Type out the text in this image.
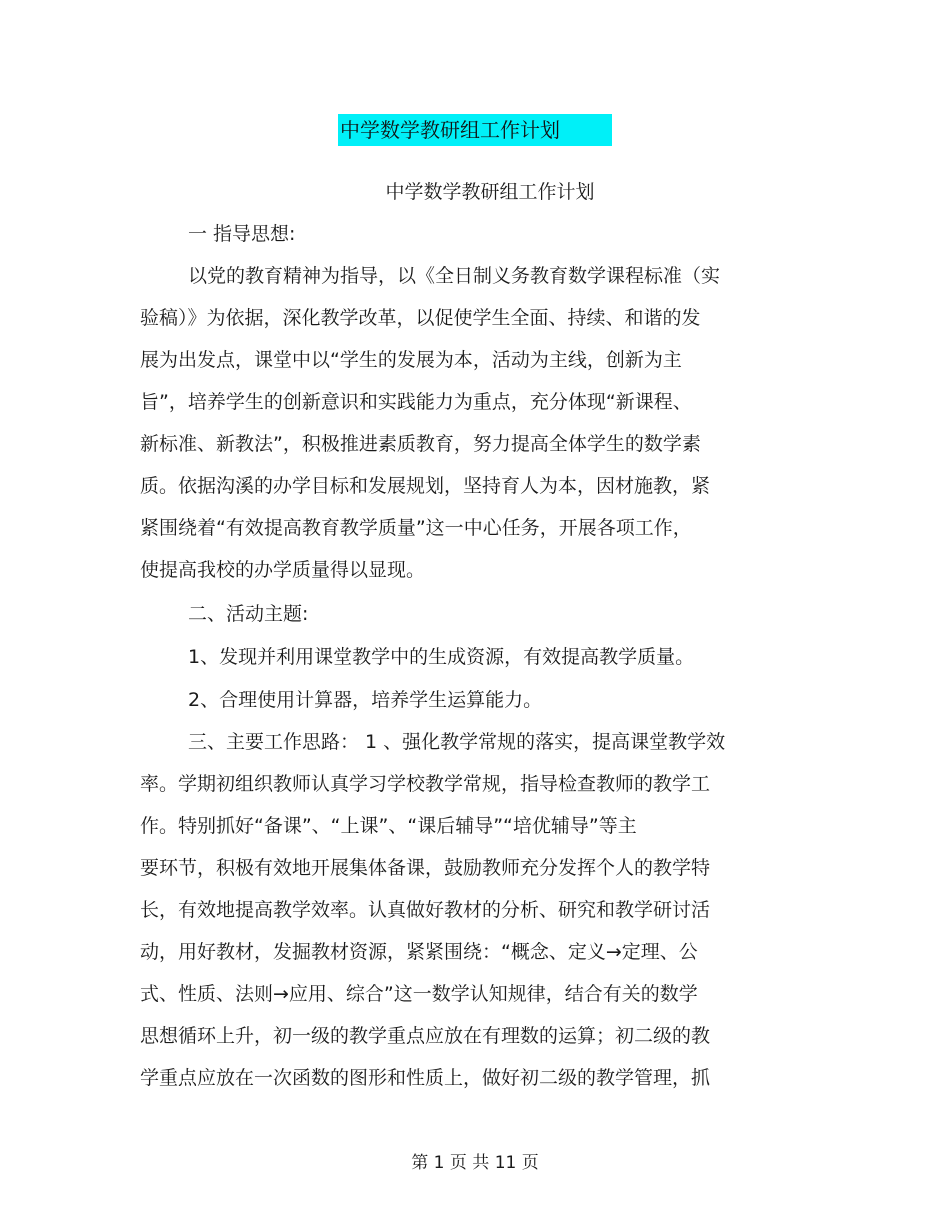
中学数学教研组工作计划
中学数学教研组工作计划
一 指导思想:
以党的教育精神为指导，以《全日制义务教育数学课程标准（实
验稿）》为依据，深化教学改革，以促使学生全面、持续、和谐的发
展为出发点，课堂中以“学生的发展为本，活动为主线，创新为主
旨”，培养学生的创新意识和实践能力为重点，充分体现“新课程、
新标准、新教法”，积极推进素质教育，努力提高全体学生的数学素
质。依据沟溪的办学目标和发展规划，坚持育人为本，因材施教，紧
紧围绕着“有效提高教育教学质量”这一中心任务，开展各项工作，
使提高我校的办学质量得以显现。
二、活动主题:
1、发现并利用课堂教学中的生成资源，有效提高教学质量。
2、合理使用计算器，培养学生运算能力。
三、主要工作思路： 1 、强化教学常规的落实，提高课堂教学效
率。学期初组织教师认真学习学校教学常规，指导检查教师的教学工
作。特别抓好“备课”、“上课”、“课后辅导”“培优辅导”等主
要环节，积极有效地开展集体备课，鼓励教师充分发挥个人的教学特
长，有效地提高教学效率。认真做好教材的分析、研究和教学研讨活
动，用好教材，发掘教材资源，紧紧围绕：“概念、定义→定理、公
式、性质、法则→应用、综合”这一数学认知规律，结合有关的数学
思想循环上升，初一级的教学重点应放在有理数的运算；初二级的教
学重点应放在一次函数的图形和性质上，做好初二级的教学管理，抓
第 1 页 共 11 页
